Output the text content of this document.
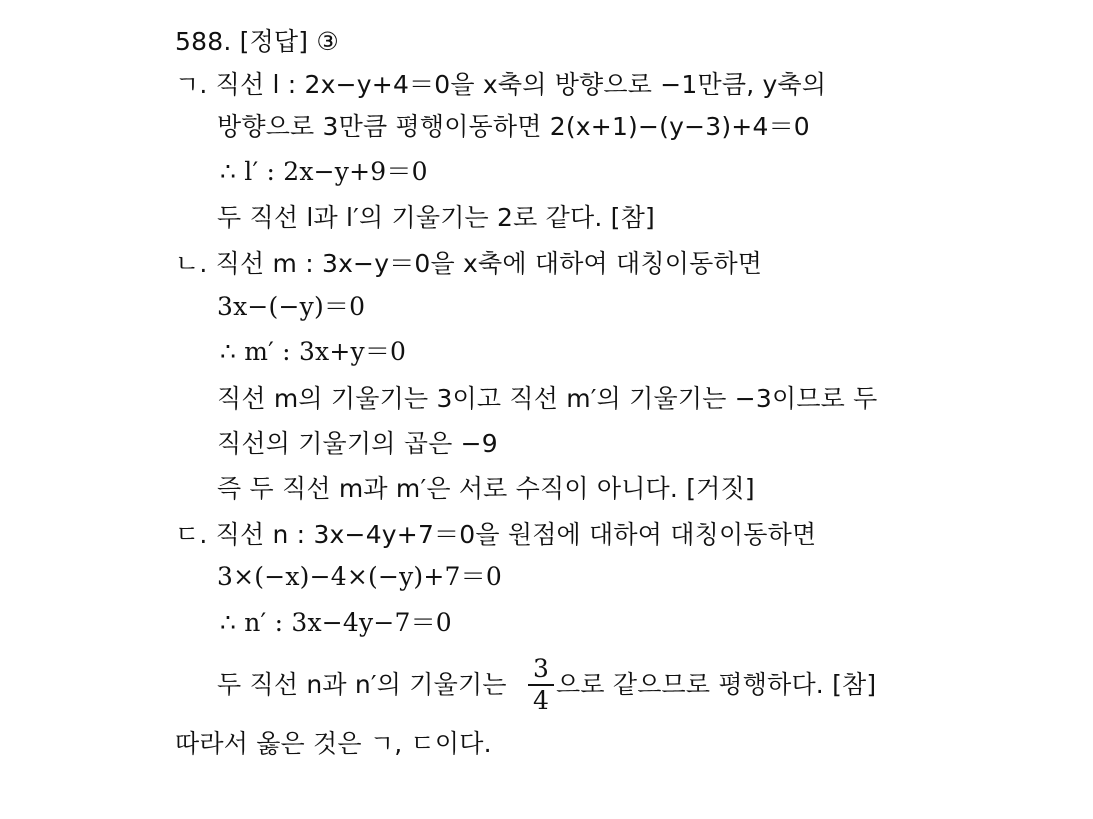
588. [정답] ③
ㄱ. 직선 l : 2x−y+4＝0을 x축의 방향으로 −1만큼, y축의
방향으로 3만큼 평행이동하면 2(x+1)−(y−3)+4＝0
∴ l′ : 2x−y+9＝0
두 직선 l과 l′의 기울기는 2로 같다. [참]
ㄴ. 직선 m : 3x−y＝0을 x축에 대하여 대칭이동하면
3x−(−y)＝0
∴ m′ : 3x+y＝0
직선 m의 기울기는 3이고 직선 m′의 기울기는 −3이므로 두
직선의 기울기의 곱은 −9
즉 두 직선 m과 m′은 서로 수직이 아니다. [거짓]
ㄷ. 직선 n : 3x−4y+7＝0을 원점에 대하여 대칭이동하면
3×(−x)−4×(−y)+7＝0
∴ n′ : 3x−4y−7＝0
두 직선 n과 n′의 기울기는
3
4
으로 같으므로 평행하다. [참]
따라서 옳은 것은 ㄱ, ㄷ이다.
